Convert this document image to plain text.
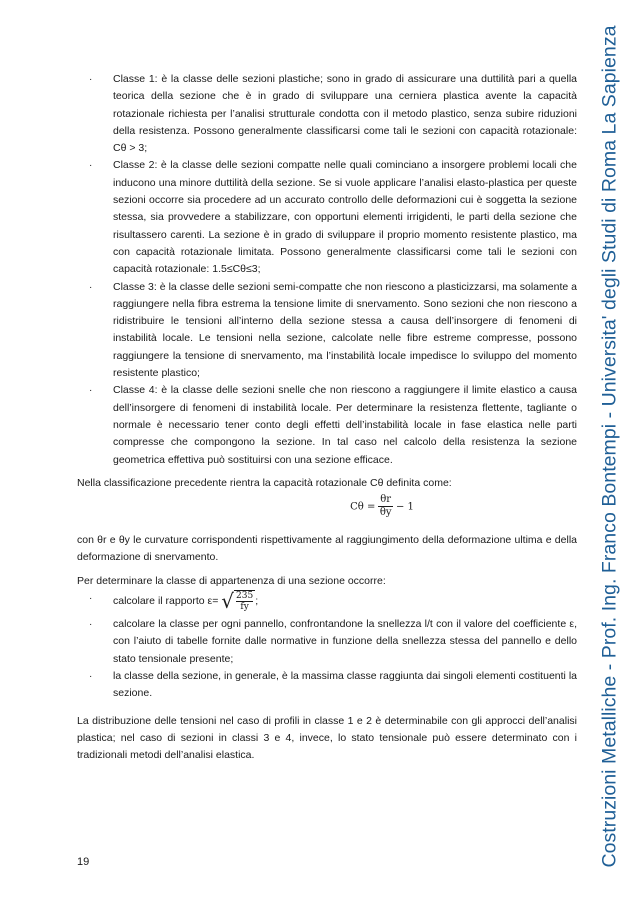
Costruzioni Metalliche - Prof. Ing. Franco Bontempi - Universita' degli Studi di Roma La Sapienza
· Classe 1: è la classe delle sezioni plastiche; sono in grado di assicurare una duttilità pari a quella teorica della sezione che è in grado di sviluppare una cerniera plastica avente la capacità rotazionale richiesta per l’analisi strutturale condotta con il metodo plastico, senza subire riduzioni della resistenza. Possono generalmente classificarsi come tali le sezioni con capacità rotazionale: Cθ > 3;
· Classe 2: è la classe delle sezioni compatte nelle quali cominciano a insorgere problemi locali che inducono una minore duttilità della sezione. Se si vuole applicare l’analisi elasto-plastica per queste sezioni occorre sia procedere ad un accurato controllo delle deformazioni cui è soggetta la sezione stessa, sia provvedere a stabilizzare, con opportuni elementi irrigidenti, le parti della sezione che risultassero carenti. La sezione è in grado di sviluppare il proprio momento resistente plastico, ma con capacità rotazionale limitata. Possono generalmente classificarsi come tali le sezioni con capacità rotazionale: 1.5≤Cθ≤3;
· Classe 3: è la classe delle sezioni semi-compatte che non riescono a plasticizzarsi, ma solamente a raggiungere nella fibra estrema la tensione limite di snervamento. Sono sezioni che non riescono a ridistribuire le tensioni all’interno della sezione stessa a causa dell’insorgere di fenomeni di instabilità locale. Le tensioni nella sezione, calcolate nelle fibre estreme compresse, possono raggiungere la tensione di snervamento, ma l’instabilità locale impedisce lo sviluppo del momento resistente plastico;
· Classe 4: è la classe delle sezioni snelle che non riescono a raggiungere il limite elastico a causa dell’insorgere di fenomeni di instabilità locale. Per determinare la resistenza flettente, tagliante o normale è necessario tener conto degli effetti dell’instabilità locale in fase elastica nelle parti compresse che compongono la sezione. In tal caso nel calcolo della resistenza la sezione geometrica effettiva può sostituirsi con una sezione efficace.

Nella classificazione precedente rientra la capacità rotazionale Cθ definita come:

$C\theta = \frac{\theta r}{\theta y} - 1$

con θr e θy le curvature corrispondenti rispettivamente al raggiungimento della deformazione ultima e della deformazione di snervamento.

Per determinare la classe di appartenenza di una sezione occorre:

· calcolare il rapporto ε= √ $\frac{235}{fy}$ ;
· calcolare la classe per ogni pannello, confrontandone la snellezza l/t con il valore del coefficiente ε, con l’aiuto di tabelle fornite dalle normative in funzione della snellezza stessa del pannello e dello stato tensionale presente;
· la classe della sezione, in generale, è la massima classe raggiunta dai singoli elementi costituenti la sezione.

La distribuzione delle tensioni nel caso di profili in classe 1 e 2 è determinabile con gli approcci dell’analisi plastica; nel caso di sezioni in classi 3 e 4, invece, lo stato tensionale può essere determinato con i tradizionali metodi dell’analisi elastica.

19
